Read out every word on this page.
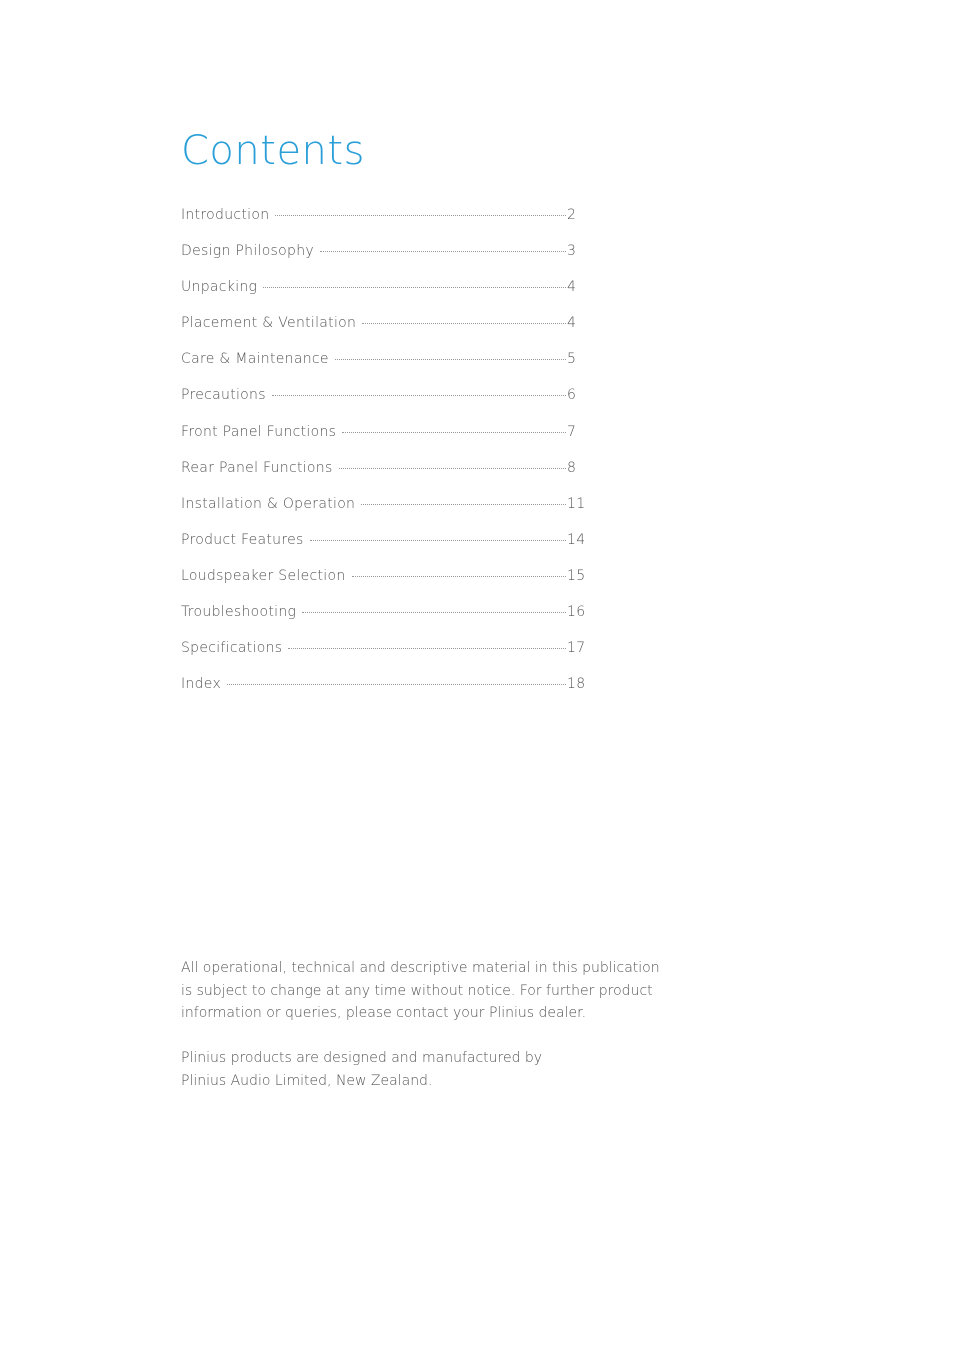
Contents
Introduction	2
Design Philosophy	3
Unpacking	4
Placement & Ventilation	4
Care & Maintenance	5
Precautions	6
Front Panel Functions	7
Rear Panel Functions	8
Installation & Operation	11
Product Features	14
Loudspeaker Selection	15
Troubleshooting	16
Specifications	17
Index	18

All operational, technical and descriptive material in this publication
is subject to change at any time without notice. For further product
information or queries, please contact your Plinius dealer.

Plinius products are designed and manufactured by
Plinius Audio Limited, New Zealand.
